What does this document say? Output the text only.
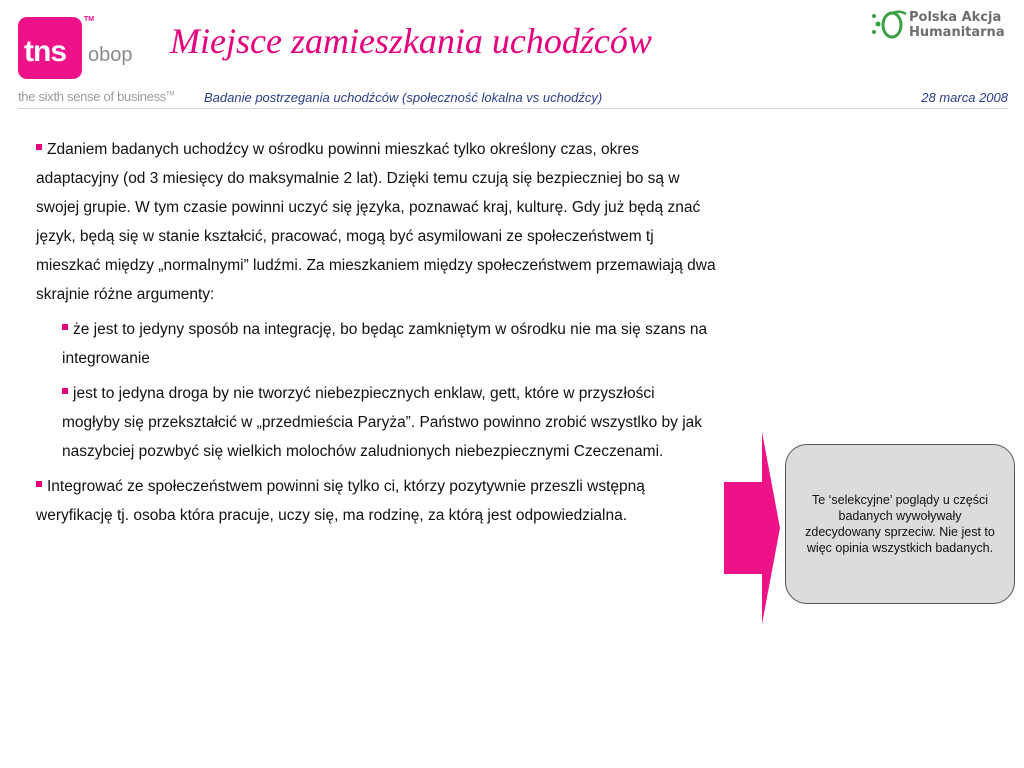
tns
TM
obop
the sixth sense of business™
Miejsce zamieszkania uchodźców
Polska Akcja
Humanitarna
Badanie postrzegania uchodźców (społeczność lokalna vs uchodźcy)	28 marca 2008

Zdaniem badanych uchodźcy w ośrodku powinni mieszkać tylko określony czas, okres adaptacyjny (od 3 miesięcy do maksymalnie 2 lat). Dzięki temu czują się bezpieczniej bo są w swojej grupie. W tym czasie powinni uczyć się języka, poznawać kraj, kulturę. Gdy już będą znać język, będą się w stanie kształcić, pracować, mogą być asymilowani ze społeczeństwem tj mieszkać między „normalnymi” ludźmi. Za mieszkaniem między społeczeństwem przemawiają dwa skrajnie różne argumenty:

że jest to jedyny sposób na integrację, bo będąc zamkniętym w ośrodku nie ma się szans na integrowanie

jest to jedyna droga by nie tworzyć niebezpiecznych enklaw, gett, które w przyszłości mogłyby się przekształcić w „przedmieścia Paryża”. Państwo powinno zrobić wszystlko by jak naszybciej pozwbyć się wielkich molochów zaludnionych niebezpiecznymi Czeczenami.

Integrować ze społeczeństwem powinni się tylko ci, którzy pozytywnie przeszli wstępną weryfikację tj. osoba która pracuje, uczy się, ma rodzinę, za którą jest odpowiedzialna.

Te ‘selekcyjne’ poglądy u części badanych wywoływały zdecydowany sprzeciw. Nie jest to więc opinia wszystkich badanych.
